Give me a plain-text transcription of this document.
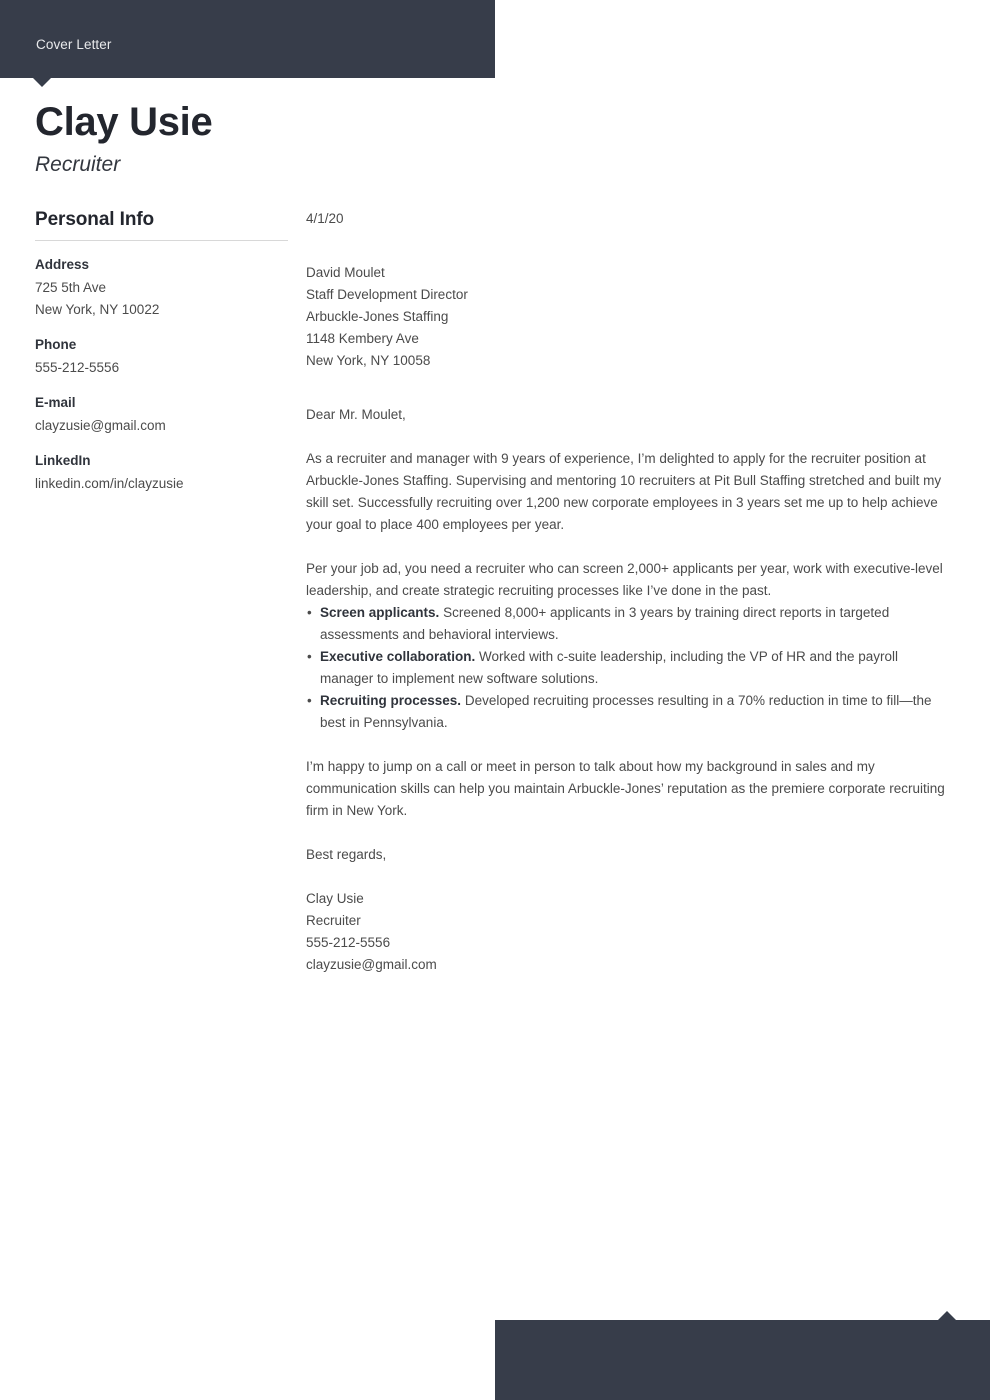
Cover Letter
Clay Usie
Recruiter
Personal Info
Address
725 5th Ave
New York, NY 10022
Phone
555-212-5556
E-mail
clayzusie@gmail.com
LinkedIn
linkedin.com/in/clayzusie
4/1/20
David Moulet
Staff Development Director
Arbuckle-Jones Staffing
1148 Kembery Ave
New York, NY 10058
Dear Mr. Moulet,

As a recruiter and manager with 9 years of experience, I’m delighted to apply for the recruiter position at Arbuckle-Jones Staffing. Supervising and mentoring 10 recruiters at Pit Bull Staffing stretched and built my skill set. Successfully recruiting over 1,200 new corporate employees in 3 years set me up to help achieve your goal to place 400 employees per year.

Per your job ad, you need a recruiter who can screen 2,000+ applicants per year, work with executive-level leadership, and create strategic recruiting processes like I’ve done in the past.

• Screen applicants. Screened 8,000+ applicants in 3 years by training direct reports in targeted assessments and behavioral interviews.
• Executive collaboration. Worked with c-suite leadership, including the VP of HR and the payroll manager to implement new software solutions.
• Recruiting processes. Developed recruiting processes resulting in a 70% reduction in time to fill—the best in Pennsylvania.

I’m happy to jump on a call or meet in person to talk about how my background in sales and my communication skills can help you maintain Arbuckle-Jones’ reputation as the premiere corporate recruiting firm in New York.

Best regards,
Clay Usie
Recruiter
555-212-5556
clayzusie@gmail.com
